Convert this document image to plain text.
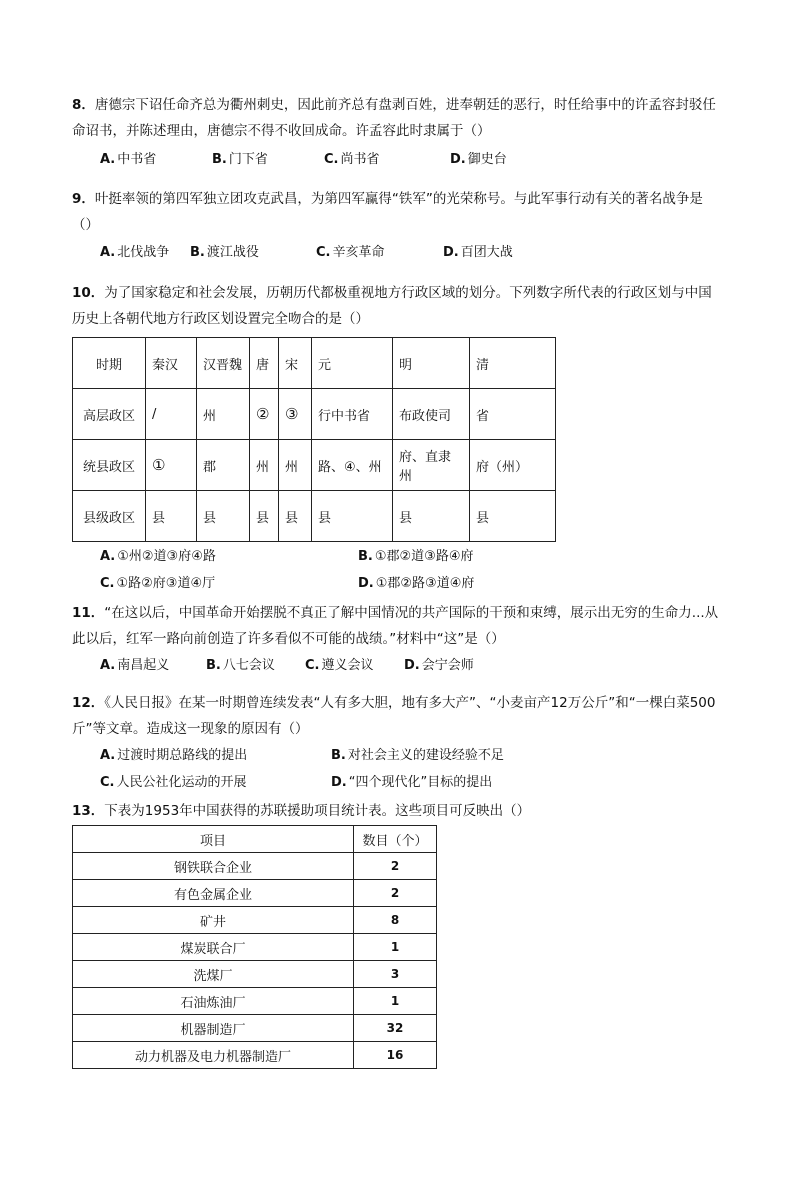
8．唐德宗下诏任命齐总为衢州刺史，因此前齐总有盘剥百姓，进奉朝廷的恶行，时任给事中的许孟容封驳任命诏书，并陈述理由，唐德宗不得不收回成命。许孟容此时隶属于（）
A. 中书省	B. 门下省	C. 尚书省	D. 御史台
9．叶挺率领的第四军独立团攻克武昌，为第四军赢得“铁军”的光荣称号。与此军事行动有关的著名战争是（）
A. 北伐战争 B. 渡江战役	C. 辛亥革命	D. 百团大战
10．为了国家稳定和社会发展，历朝历代都极重视地方行政区域的划分。下列数字所代表的行政区划与中国历史上各朝代地方行政区划设置完全吻合的是（）
时期	秦汉	汉晋魏	唐	宋	元	明	清
高层政区	/	州	②	③	行中书省	布政使司	省
统县政区	①	郡	州	州	路、④、州	府、直隶州	府（州）
县级政区	县	县	县	县	县	县	县
A. ①州②道③府④路	B. ①郡②道③路④府
C. ①路②府③道④厅	D. ①郡②路③道④府
11．“在这以后，中国革命开始摆脱不真正了解中国情况的共产国际的干预和束缚，展示出无穷的生命力...从此以后，红军一路向前创造了许多看似不可能的战绩。”材料中“这”是（）
A. 南昌起义	B. 八七会议 C. 遵义会议 D. 会宁会师
12．《人民日报》在某一时期曾连续发表“人有多大胆，地有多大产”、“小麦亩产12万公斤”和“一棵白菜500斤”等文章。造成这一现象的原因有（）
A. 过渡时期总路线的提出	B. 对社会主义的建设经验不足
C. 人民公社化运动的开展	D. “四个现代化”目标的提出
13．下表为1953年中国获得的苏联援助项目统计表。这些项目可反映出（）
项目	数目（个）
钢铁联合企业	2
有色金属企业	2
矿井	8
煤炭联合厂	1
洗煤厂	3
石油炼油厂	1
机器制造厂	32
动力机器及电力机器制造厂	16
